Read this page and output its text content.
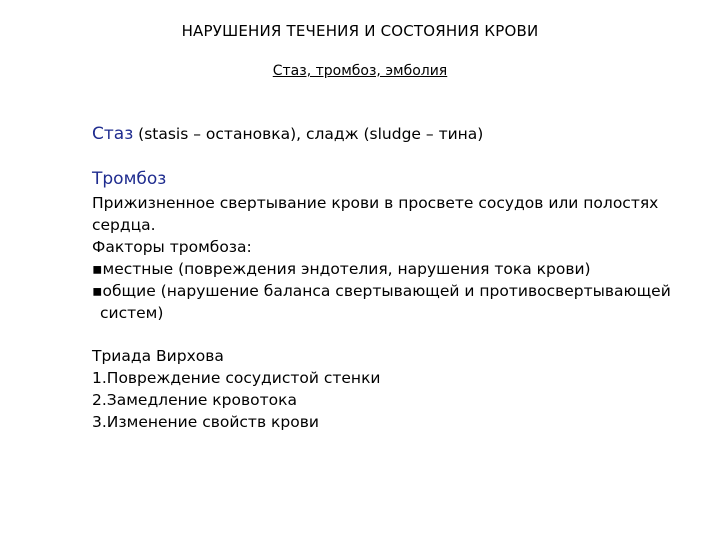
НАРУШЕНИЯ ТЕЧЕНИЯ И СОСТОЯНИЯ КРОВИ
Стаз, тромбоз, эмболия
Стаз (stasis – остановка), сладж (sludge – тина)
Тромбоз
Прижизненное свертывание крови в просвете сосудов или полостях
сердца.
Факторы тромбоза:
▪местные (повреждения эндотелия, нарушения тока крови)
▪общие (нарушение баланса свертывающей и противосвертывающей
систем)
Триада Вирхова
1.Повреждение сосудистой стенки
2.Замедление кровотока
3.Изменение свойств крови
